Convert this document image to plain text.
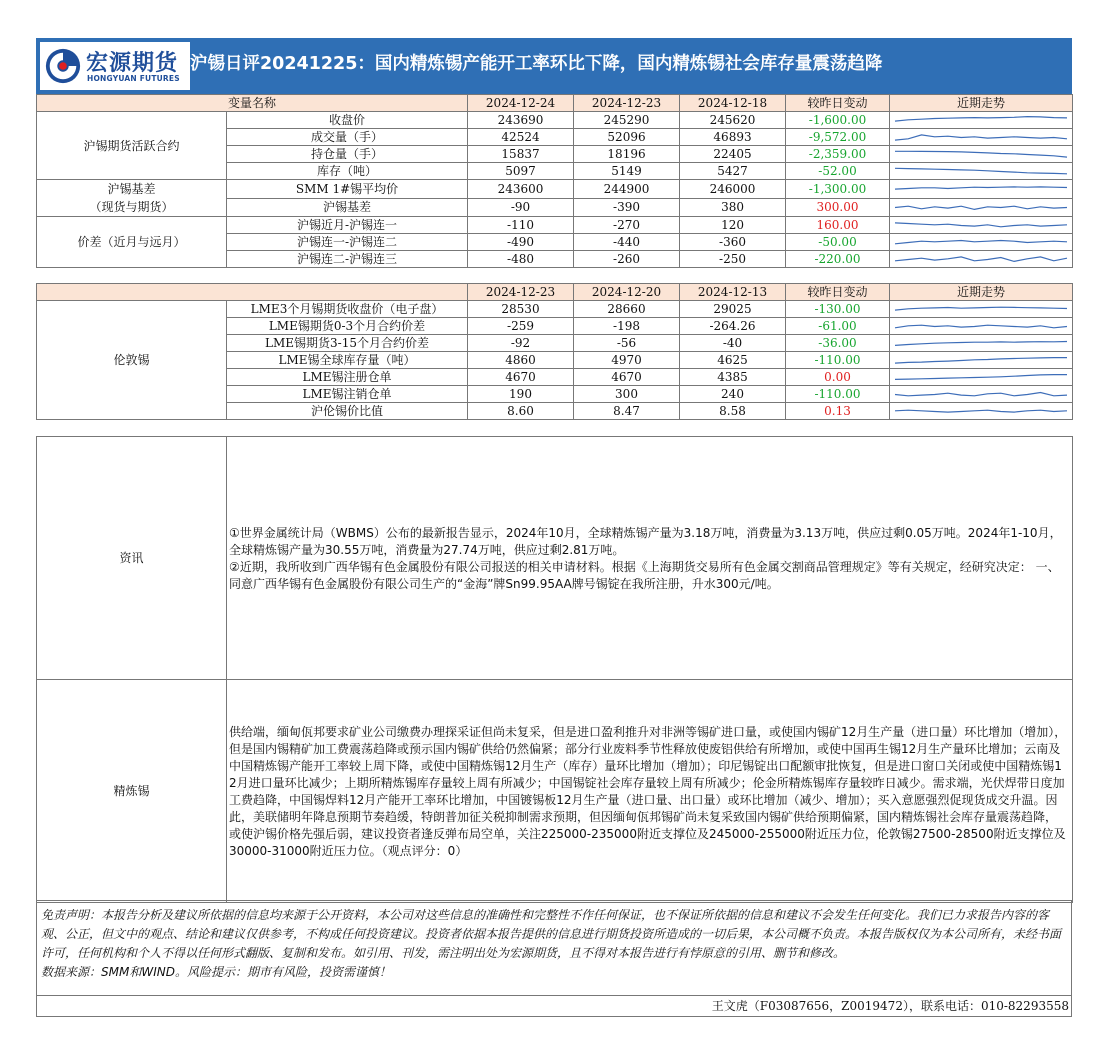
宏源期货
HONGYUAN FUTURES
沪锡日评20241225：国内精炼锡产能开工率环比下降，国内精炼锡社会库存量震荡趋降
变量名称		2024-12-24	2024-12-23	2024-12-18	较昨日变动	近期走势

沪锡期货活跃合约	收盘价	243690	245290	245620	-1,600.00	

	成交量（手）	42524	52096	46893	-9,572.00	

	持仓量（手）	15837	18196	22405	-2,359.00	

	库存（吨）	5097	5149	5427	-52.00	

沪锡基差
（现货与期货）	SMM 1#锡平均价	243600	244900	246000	-1,300.00	

	沪锡基差	-90	-390	380	300.00	

价差（近月与远月）	沪锡近月-沪锡连一	-110	-270	120	160.00	

	沪锡连一-沪锡连二	-490	-440	-360	-50.00	

	沪锡连二-沪锡连三	-480	-260	-250	-220.00	
		2024-12-23	2024-12-20	2024-12-13	较昨日变动	近期走势
伦敦锡	LME3个月锡期货收盘价（电子盘）	28530	28660	29025	-130.00	

	LME锡期货0-3个月合约价差	-259	-198	-264.26	-61.00	

	LME锡期货3-15个月合约价差	-92	-56	-40	-36.00	

	LME锡全球库存量（吨）	4860	4970	4625	-110.00	

	LME锡注册仓单	4670	4670	4385	0.00	

	LME锡注销仓单	190	300	240	-110.00	

	沪伦锡价比值	8.60	8.47	8.58	0.13	
资讯	①世界金属统计局（WBMS）公布的最新报告显示，2024年10月，全球精炼锡产量为3.18万吨，消费量为3.13万吨，供应过剩0.05万吨。2024年1-10月，全球精炼锡产量为30.55万吨，消费量为27.74万吨，供应过剩2.81万吨。
②近期，我所收到广西华锡有色金属股份有限公司报送的相关申请材料。根据《上海期货交易所有色金属交割商品管理规定》等有关规定，经研究决定： 一、同意广西华锡有色金属股份有限公司生产的“金海”牌Sn99.95AA牌号锡锭在我所注册，升水300元/吨。

精炼锡	供给端，缅甸佤邦要求矿业公司缴费办理探采证但尚未复采，但是进口盈利推升对非洲等锡矿进口量，或使国内锡矿12月生产量（进口量）环比增加（增加），但是国内锡精矿加工费震荡趋降或预示国内锡矿供给仍然偏紧；部分行业废料季节性释放使废铝供给有所增加，或使中国再生锡12月生产量环比增加；云南及中国精炼锡产能开工率较上周下降，或使中国精炼锡12月生产（库存）量环比增加（增加）；印尼锡锭出口配额审批恢复，但是进口窗口关闭或使中国精炼锡12月进口量环比减少；上期所精炼锡库存量较上周有所减少；中国锡锭社会库存量较上周有所减少；伦金所精炼锡库存量较昨日减少。需求端，光伏焊带日度加工费趋降，中国锡焊料12月产能开工率环比增加，中国镀锡板12月生产量（进口量、出口量）或环比增加（减少、增加）；买入意愿强烈促现货成交升温。因此，美联储明年降息预期节奏趋缓，特朗普加征关税抑制需求预期，但因缅甸佤邦锡矿尚未复采致国内锡矿供给预期偏紧，国内精炼锡社会库存量震荡趋降，或使沪锡价格先强后弱，建议投资者逢反弹布局空单，关注225000-235000附近支撑位及245000-255000附近压力位，伦敦锡27500-28500附近支撑位及30000-31000附近压力位。（观点评分：0）
免责声明：本报告分析及建议所依据的信息均来源于公开资料，本公司对这些信息的准确性和完整性不作任何保证，也不保证所依据的信息和建议不会发生任何变化。我们已力求报告内容的客观、公正，但文中的观点、结论和建议仅供参考，不构成任何投资建议。投资者依据本报告提供的信息进行期货投资所造成的一切后果，本公司概不负责。本报告版权仅为本公司所有，未经书面许可，任何机构和个人不得以任何形式翻版、复制和发布。如引用、刊发，需注明出处为宏源期货，且不得对本报告进行有悖原意的引用、删节和修改。
数据来源：SMM和WIND。风险提示：期市有风险，投资需谨慎！
王文虎（F03087656，Z0019472），联系电话：010-82293558
